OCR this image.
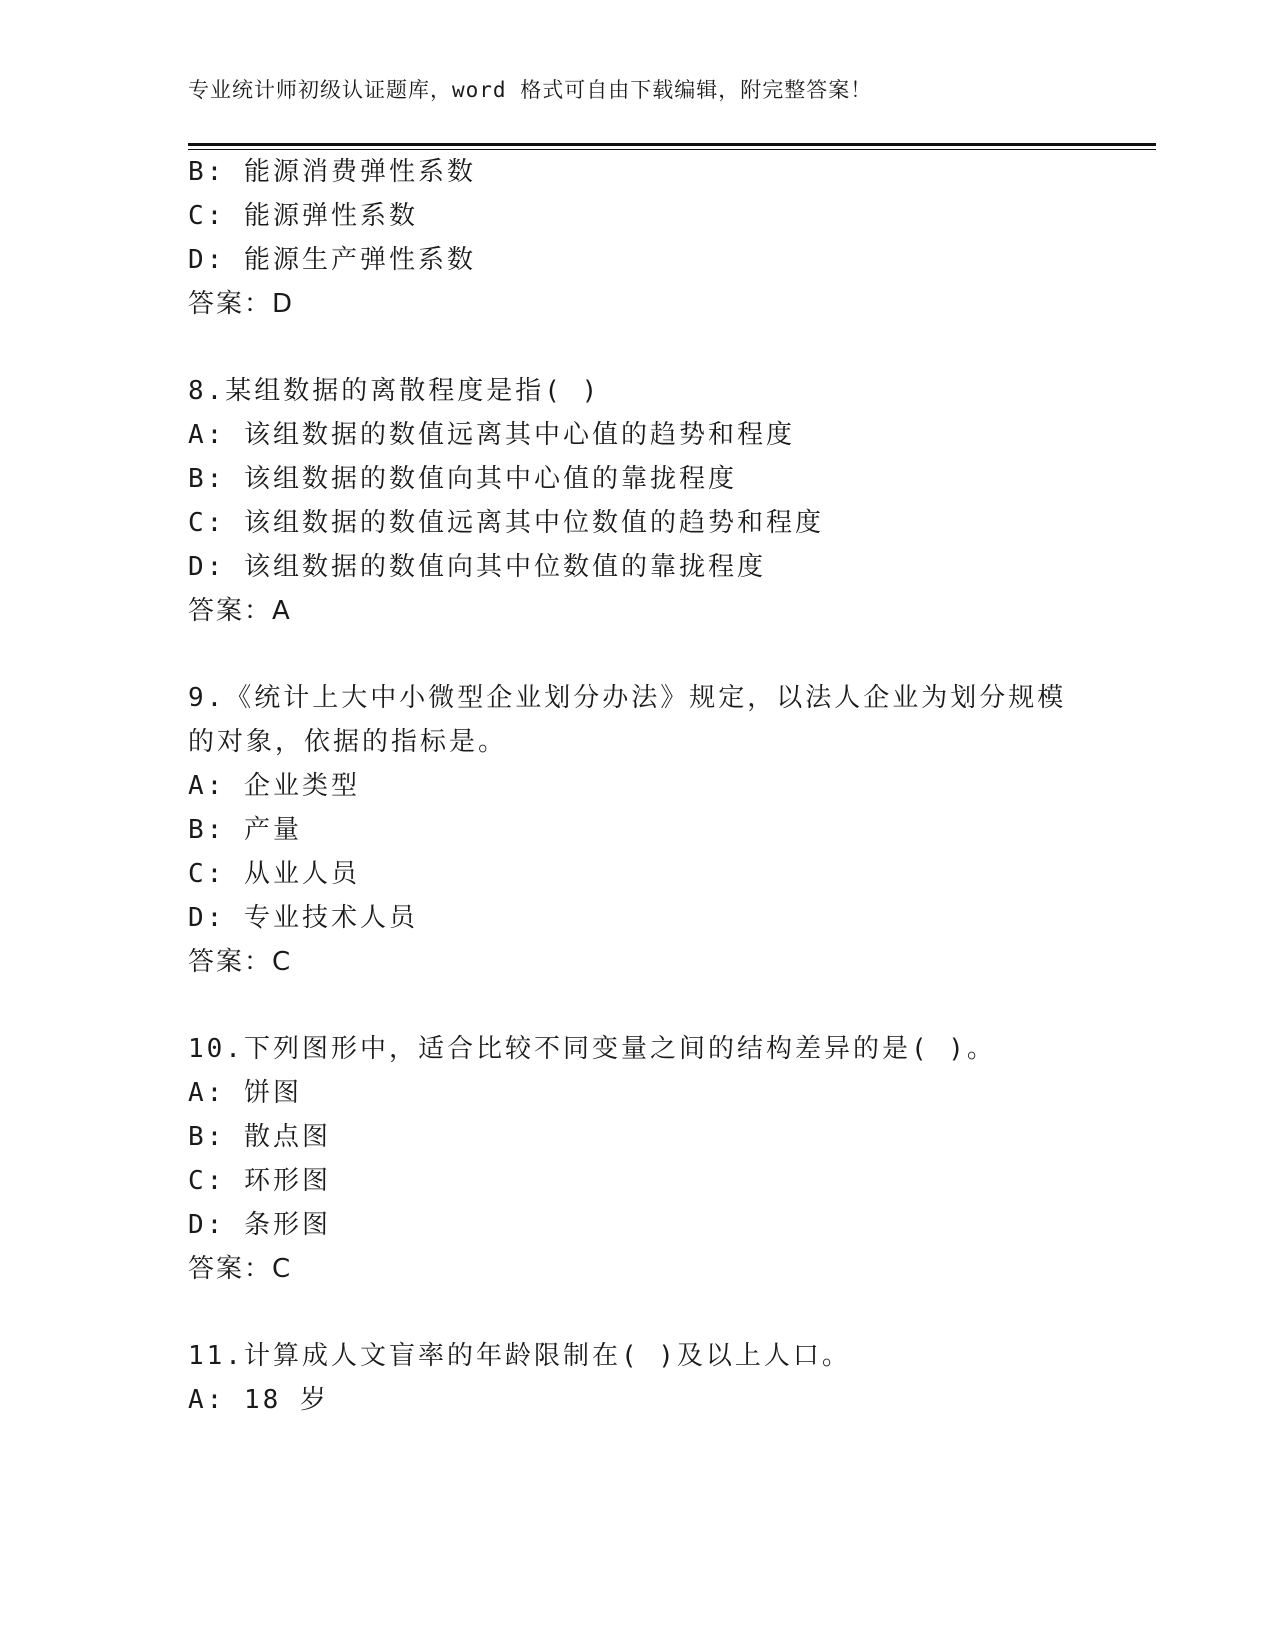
专业统计师初级认证题库，word 格式可自由下载编辑，附完整答案！
B: 能源消费弹性系数
C: 能源弹性系数
D: 能源生产弹性系数
答案：D
8.某组数据的离散程度是指( )
A: 该组数据的数值远离其中心值的趋势和程度
B: 该组数据的数值向其中心值的靠拢程度
C: 该组数据的数值远离其中位数值的趋势和程度
D: 该组数据的数值向其中位数值的靠拢程度
答案：A
9.《统计上大中小微型企业划分办法》规定，以法人企业为划分规模
的对象，依据的指标是。
A: 企业类型
B: 产量
C: 从业人员
D: 专业技术人员
答案：C
10.下列图形中，适合比较不同变量之间的结构差异的是( )。
A: 饼图
B: 散点图
C: 环形图
D: 条形图
答案：C
11.计算成人文盲率的年龄限制在( )及以上人口。
A: 18 岁
